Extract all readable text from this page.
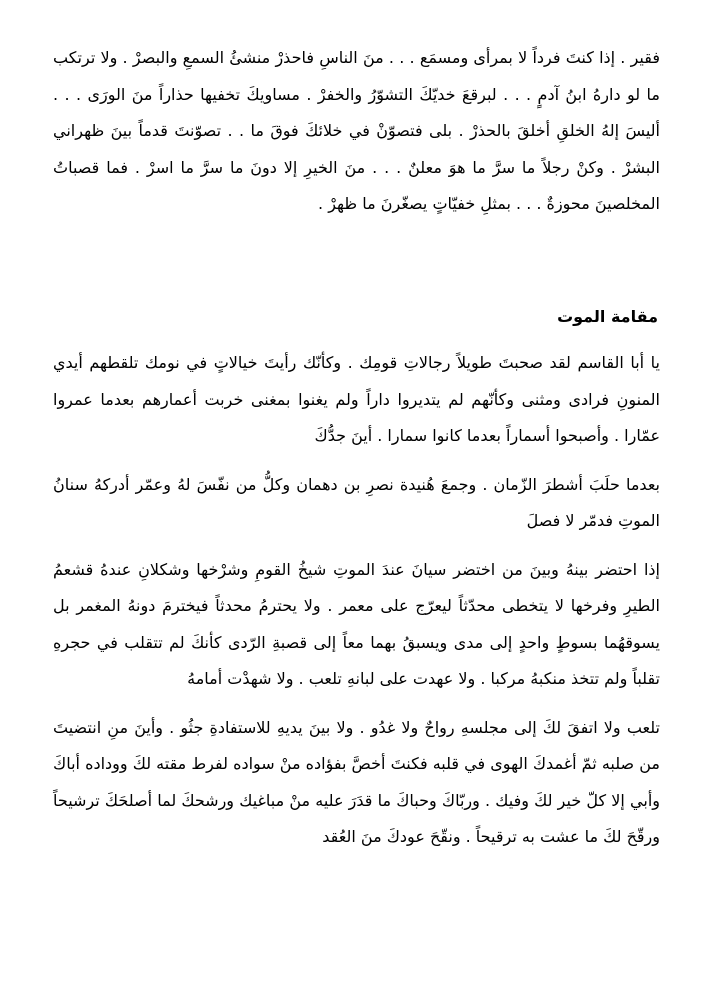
فقير . إذا كنتَ فرداً لا بمرأى ومسمَع . . . منَ الناسِ فاحذرْ منشئُ السمعِ والبصرْ . ولا ترتكب ما لو دارهُ ابنُ آدمٍ . . . لبرقعَ خديّكَ التشوّرُ والخفرْ . مساويكَ تخفيها حذاراً منَ الورَى . . . أليسَ إلهُ الخلقِ أخلقَ بالحذرْ . بلى فتصوّنْ في خلائكَ فوقَ ما . . تصوّنتَ قدماً بينَ ظهراني البشرْ . وكنْ رجلاً ما سرَّ ما هوَ معلنٌ . . . منَ الخيرِ إلا دونَ ما سرَّ ما اسرْ . فما قصباتُ المخلصينَ محوزةٌ . . . بمثلِ خفيّاتٍ يصغّرنَ ما ظهرْ .

مقامة الموت

يا أبا القاسم لقد صحبتَ طويلاً رجالاتِ قومِك . وكأنّك رأيتَ خيالاتٍ في نومك تلقطهم أيدي المنونِ فرادى ومثنى وكأنّهم لم يتديروا داراً ولم يغنوا بمغنى خربت أعمارهم بعدما عمروا عمّارا . وأصبحوا أسماراً بعدما كانوا سمارا . أينَ جدُّكَ

بعدما حلَبَ أشطرَ الزّمان . وجمعَ هُنيدة نصرِ بن دهمان وكلُّ من نفّسَ لهُ وعمّر أدركهُ سنانُ الموتِ فدمّر لا فصلَ

إذا احتضر بينهُ وبينَ من اختضر سيانَ عندَ الموتِ شيخُ القومِ وشرْخها وشكلانِ عندهُ قشعمُ الطيرِ وفرخها لا يتخطى محدّثاً ليعرّج على معمر . ولا يحترمُ محدثاً فيخترمَ دونهُ المغمر بل يسوقهُما بسوطٍ واحدٍ إلى مدى ويسبقُ بهما معاً إلى قصبةِ الرّدى كأنكَ لم تتقلب في حجرهِ تقلباً ولم تتخذ منكبهُ مركبا . ولا عهدت على لبانهِ تلعب . ولا شهدْت أمامهُ

تلعب ولا اتفقَ لكَ إلى مجلسهِ رواحٌ ولا غدُو . ولا بينَ يديهِ للاستفادةِ جثُو . وأينَ منِ انتضيتَ من صلبه ثمّ أغمدكَ الهوى في قلبه فكنتَ أخصَّ بفؤاده منْ سواده لفرط مقته لكَ ووداده أباكَ وأبي إلا كلّ خير لكَ وفيك . وربّاكَ وحباكَ ما قدَرَ عليه منْ مباغيك ورشحكَ لما أصلحَكَ ترشيحاً ورقّحَ لكَ ما عشت به ترقيحاً . ونقّحَ عودكَ منَ العُقد
